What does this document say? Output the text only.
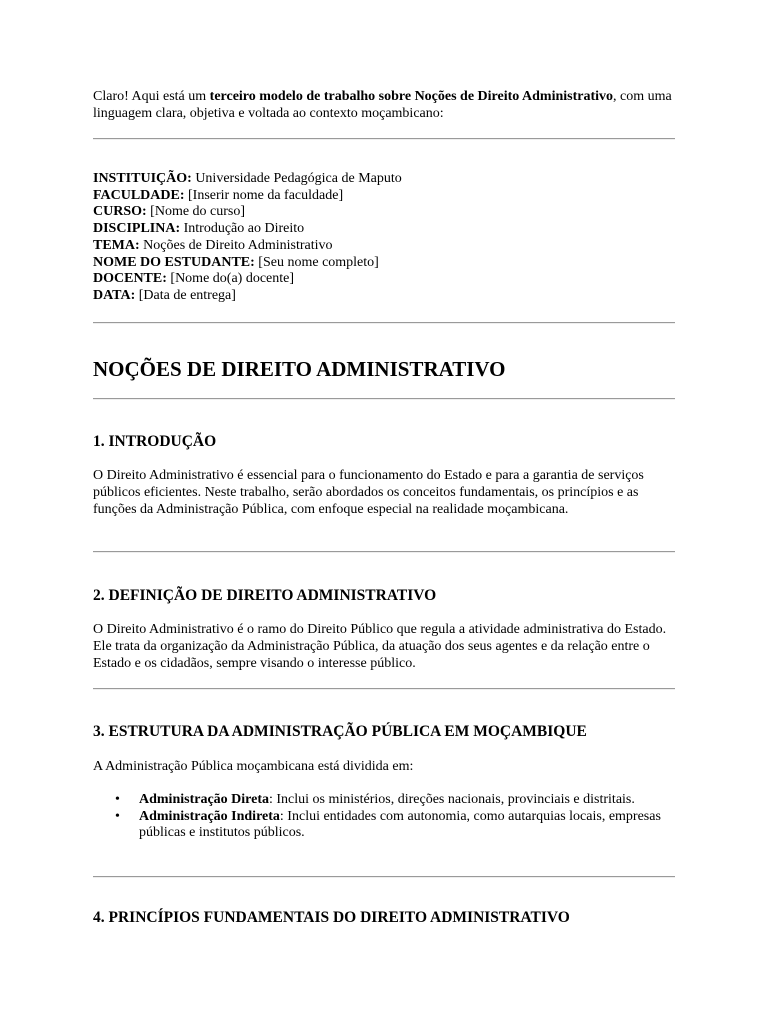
Claro! Aqui está um terceiro modelo de trabalho sobre Noções de Direito Administrativo, com uma linguagem clara, objetiva e voltada ao contexto moçambicano:

INSTITUIÇÃO: Universidade Pedagógica de Maputo
FACULDADE: [Inserir nome da faculdade]
CURSO: [Nome do curso]
DISCIPLINA: Introdução ao Direito
TEMA: Noções de Direito Administrativo
NOME DO ESTUDANTE: [Seu nome completo]
DOCENTE: [Nome do(a) docente]
DATA: [Data de entrega]
NOÇÕES DE DIREITO ADMINISTRATIVO
1. INTRODUÇÃO

O Direito Administrativo é essencial para o funcionamento do Estado e para a garantia de serviços públicos eficientes. Neste trabalho, serão abordados os conceitos fundamentais, os princípios e as funções da Administração Pública, com enfoque especial na realidade moçambicana.

2. DEFINIÇÃO DE DIREITO ADMINISTRATIVO

O Direito Administrativo é o ramo do Direito Público que regula a atividade administrativa do Estado. Ele trata da organização da Administração Pública, da atuação dos seus agentes e da relação entre o Estado e os cidadãos, sempre visando o interesse público.

3. ESTRUTURA DA ADMINISTRAÇÃO PÚBLICA EM MOÇAMBIQUE

A Administração Pública moçambicana está dividida em:

• Administração Direta: Inclui os ministérios, direções nacionais, provinciais e distritais.
• Administração Indireta: Inclui entidades com autonomia, como autarquias locais, empresas públicas e institutos públicos.
4. PRINCÍPIOS FUNDAMENTAIS DO DIREITO ADMINISTRATIVO
